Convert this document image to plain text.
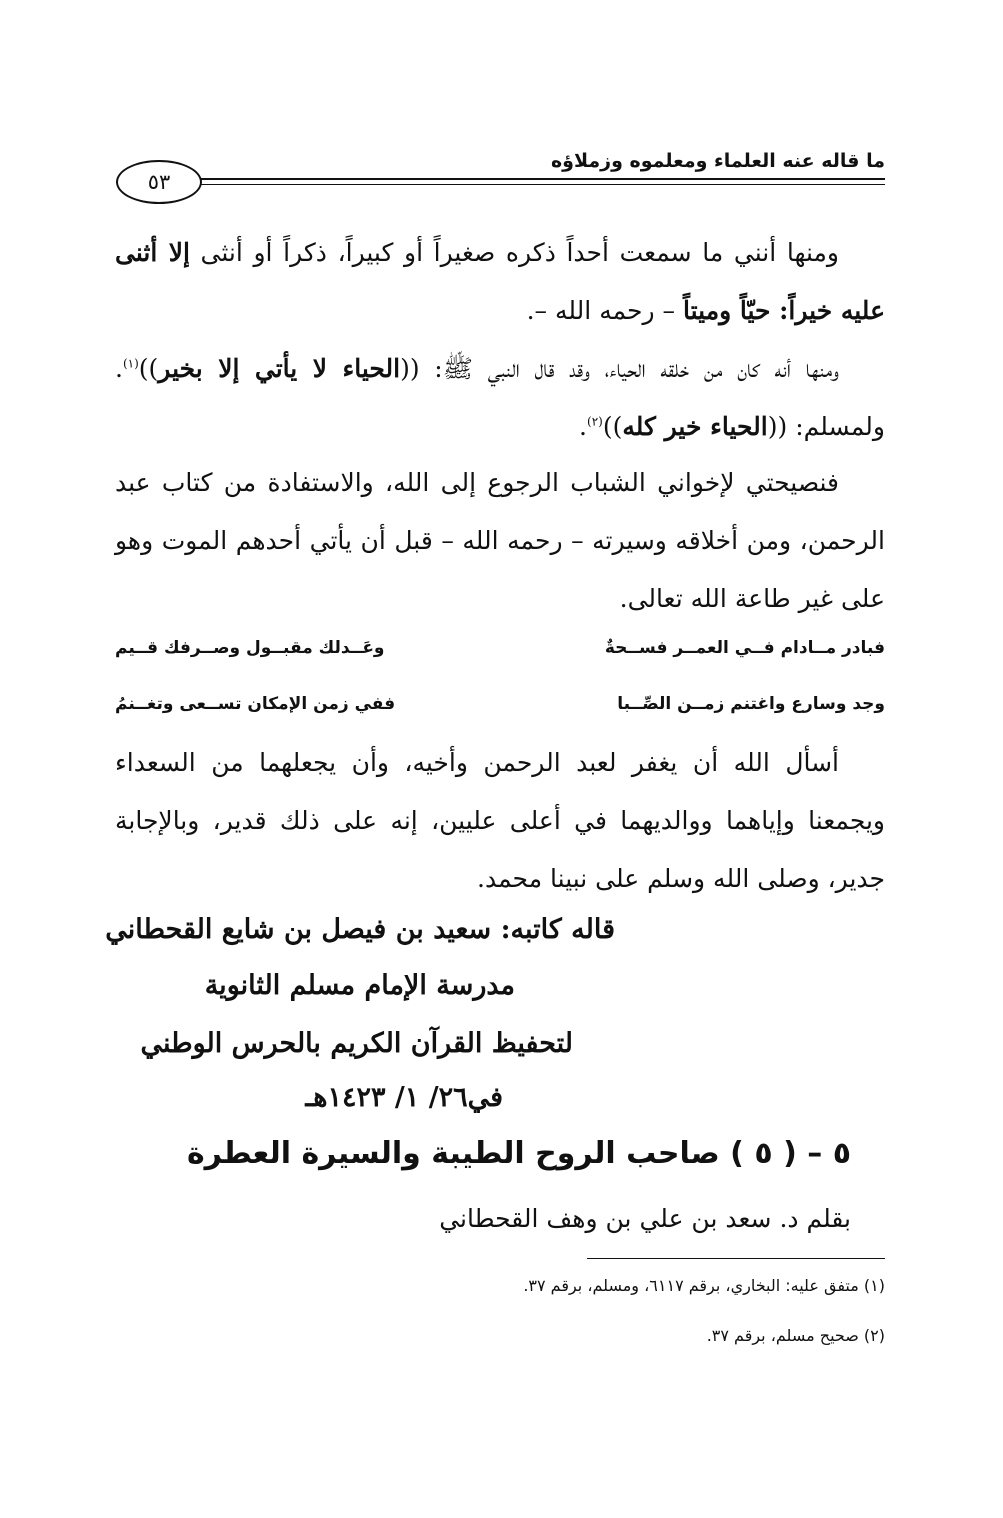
ما قاله عنه العلماء ومعلموه وزملاؤه
٥٣

ومنها أنني ما سمعت أحداً ذكره صغيراً أو كبيراً، ذكراً أو أنثى إلا أثنى عليه خيراً: حيّاً وميتاً – رحمه الله –.

ومنها أنه كان من خلقه الحياء، وقد قال النبي ﷺ: ((الحياء لا يأتي إلا بخير))$^{(١)}$. ولمسلم: ((الحياء خير كله))$^{(٢)}$.

فنصيحتي لإخواني الشباب الرجوع إلى الله، والاستفادة من كتاب عبد الرحمن، ومن أخلاقه وسيرته – رحمه الله – قبل أن يأتي أحدهم الموت وهو على غير طاعة الله تعالى.

فبادر مــادام فــي العمــر فســحةٌ
وعَــدلك مقبــول وصــرفك قــيم
وجد وسارع واغتنم زمــن الصِّــبا
ففي زمن الإمكان تســعى وتغــنمُ

أسأل الله أن يغفر لعبد الرحمن وأخيه، وأن يجعلهما من السعداء ويجمعنا وإياهما ووالديهما في أعلى عليين، إنه على ذلك قدير، وبالإجابة جدير، وصلى الله وسلم على نبينا محمد.

قاله كاتبه: سعيد بن فيصل بن شايع القحطاني
مدرسة الإمام مسلم الثانوية
لتحفيظ القرآن الكريم بالحرس الوطني
في٢٦/ ١/ ١٤٢٣هـ
٥ – ( ٥ ) صاحب الروح الطيبة والسيرة العطرة
بقلم د. سعد بن علي بن وهف القحطاني
(١) متفق عليه: البخاري، برقم ٦١١٧، ومسلم، برقم ٣٧.
(٢) صحيح مسلم، برقم ٣٧.
